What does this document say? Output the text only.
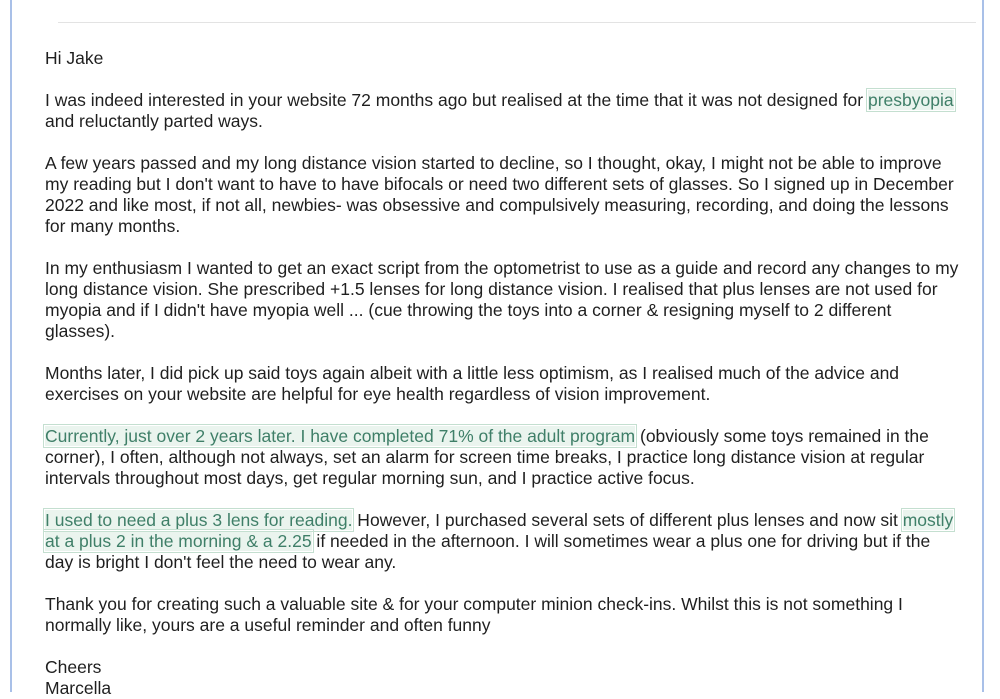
Hi Jake

I was indeed interested in your website 72 months ago but realised at the time that it was not designed for presbyopia and reluctantly parted ways.

A few years passed and my long distance vision started to decline, so I thought, okay, I might not be able to improve my reading but I don't want to have to have bifocals or need two different sets of glasses. So I signed up in December 2022 and like most, if not all, newbies- was obsessive and compulsively measuring, recording, and doing the lessons for many months.

In my enthusiasm I wanted to get an exact script from the optometrist to use as a guide and record any changes to my long distance vision. She prescribed +1.5 lenses for long distance vision. I realised that plus lenses are not used for myopia and if I didn't have myopia well ... (cue throwing the toys into a corner & resigning myself to 2 different glasses).

Months later, I did pick up said toys again albeit with a little less optimism, as I realised much of the advice and exercises on your website are helpful for eye health regardless of vision improvement.

Currently, just over 2 years later. I have completed 71% of the adult program (obviously some toys remained in the corner), I often, although not always, set an alarm for screen time breaks, I practice long distance vision at regular intervals throughout most days, get regular morning sun, and I practice active focus.

I used to need a plus 3 lens for reading. However, I purchased several sets of different plus lenses and now sit mostly at a plus 2 in the morning & a 2.25 if needed in the afternoon. I will sometimes wear a plus one for driving but if the day is bright I don't feel the need to wear any.

Thank you for creating such a valuable site & for your computer minion check-ins. Whilst this is not something I normally like, yours are a useful reminder and often funny

Cheers

Marcella
